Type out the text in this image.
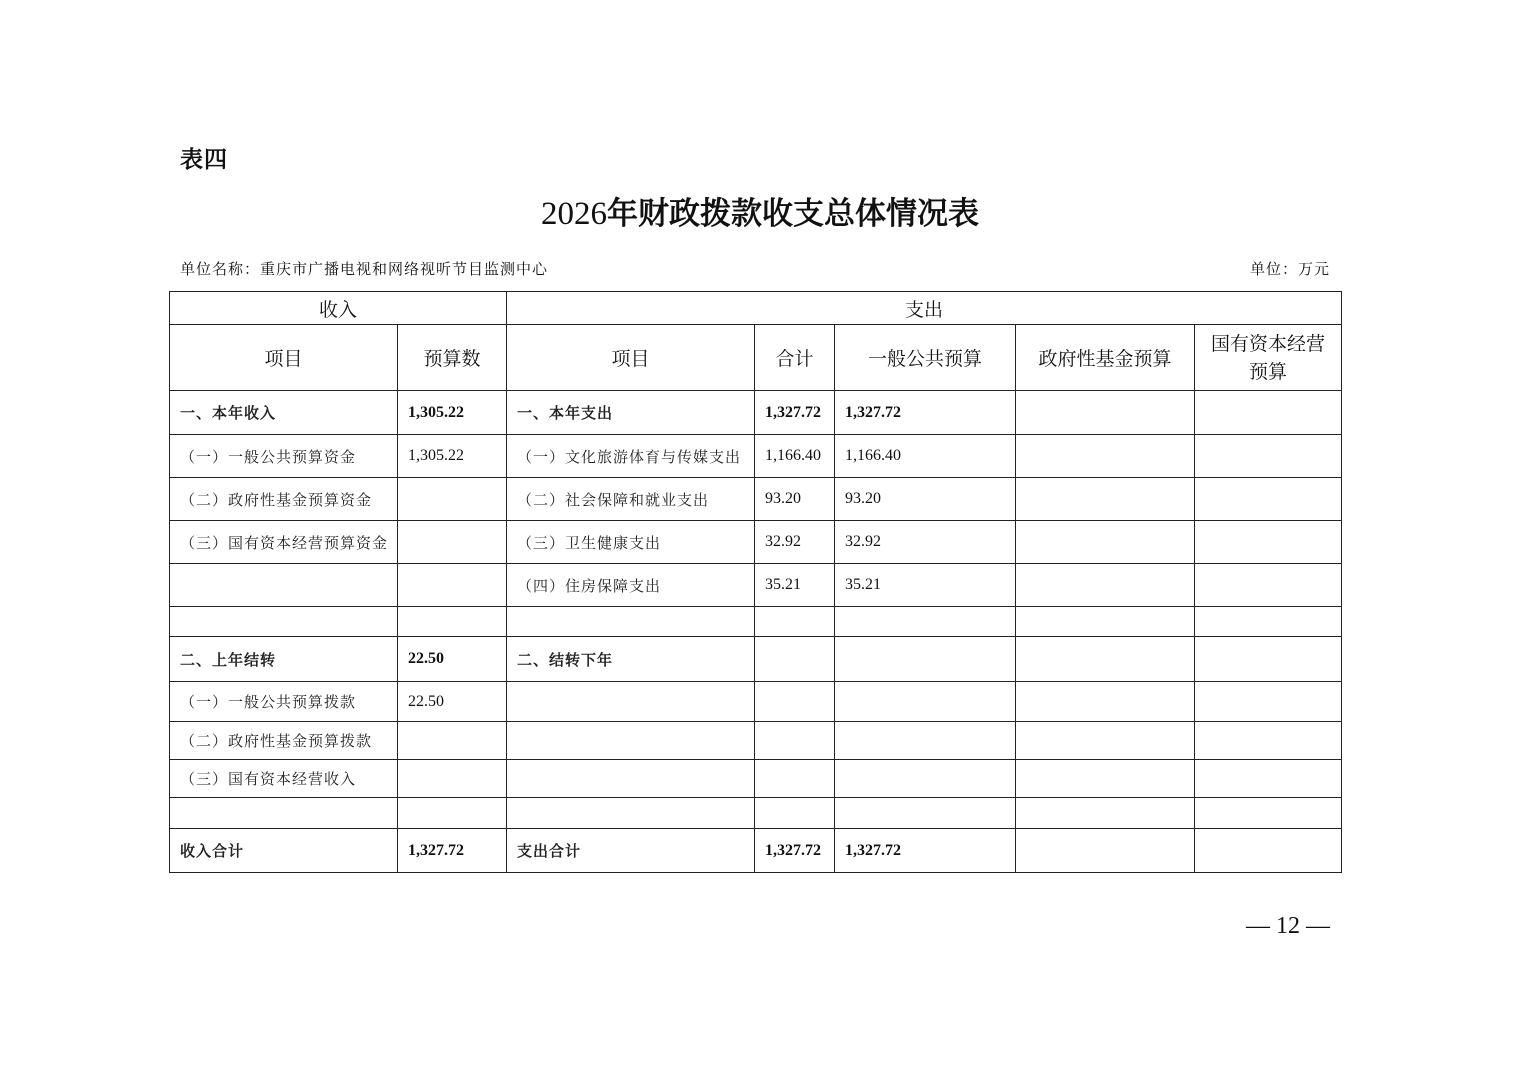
表四
2026年财政拨款收支总体情况表
单位名称：重庆市广播电视和网络视听节目监测中心	单位：万元
收入		支出				
项目	预算数	项目	合计	一般公共预算	政府性基金预算	国有资本经营预算
一、本年收入	1,305.22	一、本年支出	1,327.72	1,327.72		
（一）一般公共预算资金	1,305.22	（一）文化旅游体育与传媒支出	1,166.40	1,166.40		
（二）政府性基金预算资金		（二）社会保障和就业支出	93.20	93.20		
（三）国有资本经营预算资金		（三）卫生健康支出	32.92	32.92		
		（四）住房保障支出	35.21	35.21		

二、上年结转	22.50	二、结转下年				
（一）一般公共预算拨款	22.50					
（二）政府性基金预算拨款						
（三）国有资本经营收入						

收入合计	1,327.72	支出合计	1,327.72	1,327.72		
— 12 —
